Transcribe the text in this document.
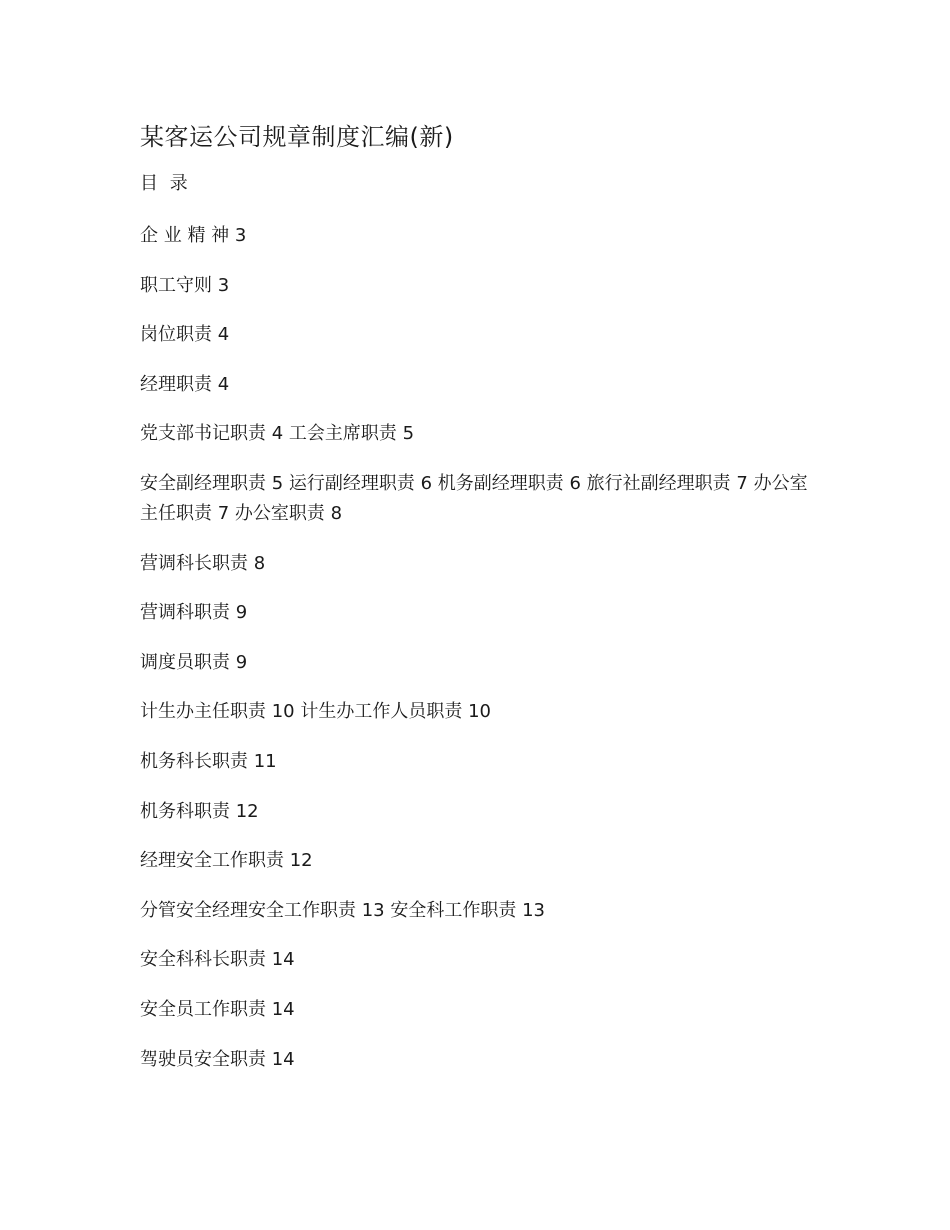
某客运公司规章制度汇编(新)
目 录
企 业 精 神 3
职工守则 3
岗位职责 4
经理职责 4
党支部书记职责 4 工会主席职责 5
安全副经理职责 5 运行副经理职责 6 机务副经理职责 6 旅行社副经理职责 7 办公室主任职责 7 办公室职责 8
营调科长职责 8
营调科职责 9
调度员职责 9
计生办主任职责 10 计生办工作人员职责 10
机务科长职责 11
机务科职责 12
经理安全工作职责 12
分管安全经理安全工作职责 13 安全科工作职责 13
安全科科长职责 14
安全员工作职责 14
驾驶员安全职责 14
